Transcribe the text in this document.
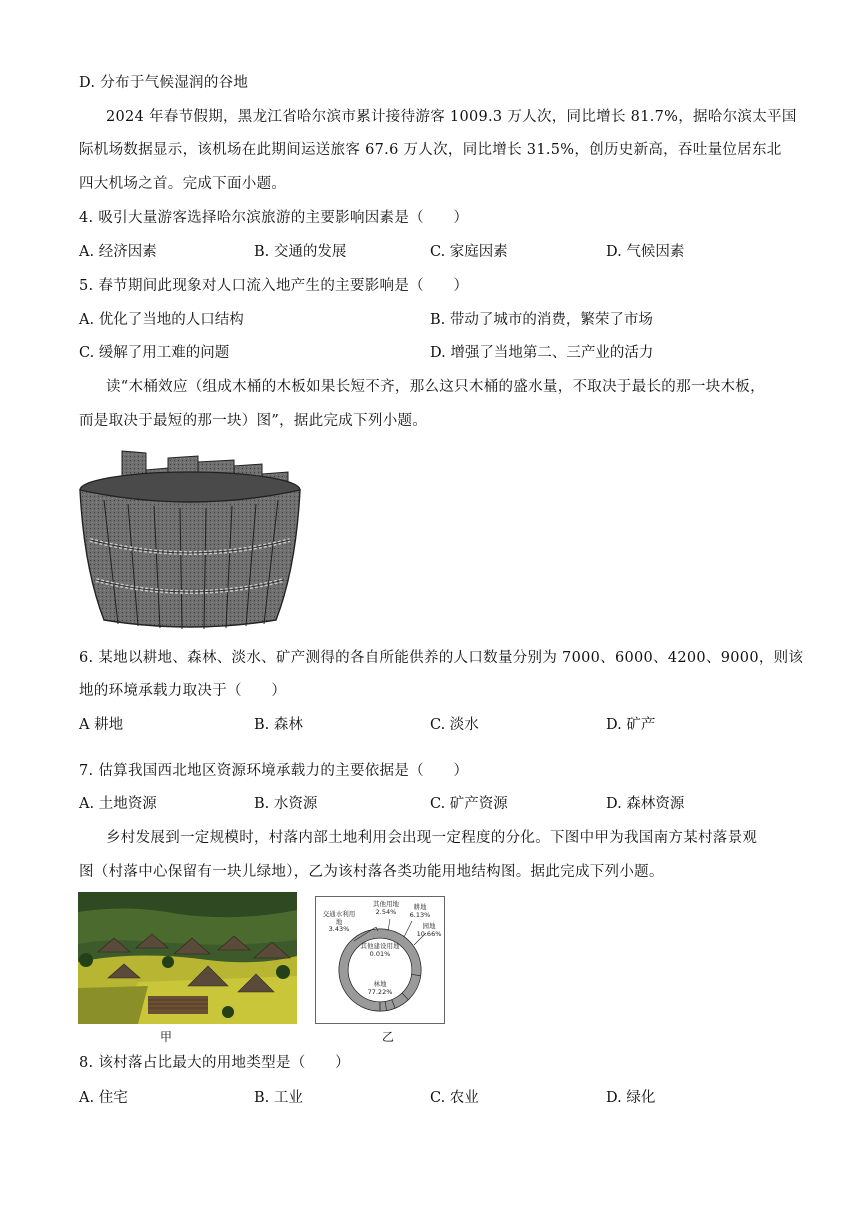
D. 分布于气候湿润的谷地
2024 年春节假期，黑龙江省哈尔滨市累计接待游客 1009.3 万人次，同比增长 81.7%，据哈尔滨太平国
际机场数据显示，该机场在此期间运送旅客 67.6 万人次，同比增长 31.5%，创历史新高，吞吐量位居东北
四大机场之首。完成下面小题。
4. 吸引大量游客选择哈尔滨旅游的主要影响因素是（　　）
A. 经济因素	B. 交通的发展	C. 家庭因素	D. 气候因素
5. 春节期间此现象对人口流入地产生的主要影响是（　　）
A. 优化了当地的人口结构	B. 带动了城市的消费，繁荣了市场
C. 缓解了用工难的问题	D. 增强了当地第二、三产业的活力
读“木桶效应（组成木桶的木板如果长短不齐，那么这只木桶的盛水量，不取决于最长的那一块木板，
而是取决于最短的那一块）图”，据此完成下列小题。
6. 某地以耕地、森林、淡水、矿产测得的各自所能供养的人口数量分别为 7000、6000、4200、9000，则该
地的环境承载力取决于（　　）
A 耕地	B. 森林	C. 淡水	D. 矿产
7. 估算我国西北地区资源环境承载力的主要依据是（　　）
A. 土地资源	B. 水资源	C. 矿产资源	D. 森林资源
乡村发展到一定规模时，村落内部土地利用会出现一定程度的分化。下图中甲为我国南方某村落景观
图（村落中心保留有一块儿绿地），乙为该村落各类功能用地结构图。据此完成下列小题。
甲
交通水利用地
3.43%
其他用地
2.54%
耕地
6.13%
园地
10.66%
其他建设用地
0.01%
林地
77.22%
乙
8. 该村落占比最大的用地类型是（　　）
A. 住宅	B. 工业	C. 农业	D. 绿化
